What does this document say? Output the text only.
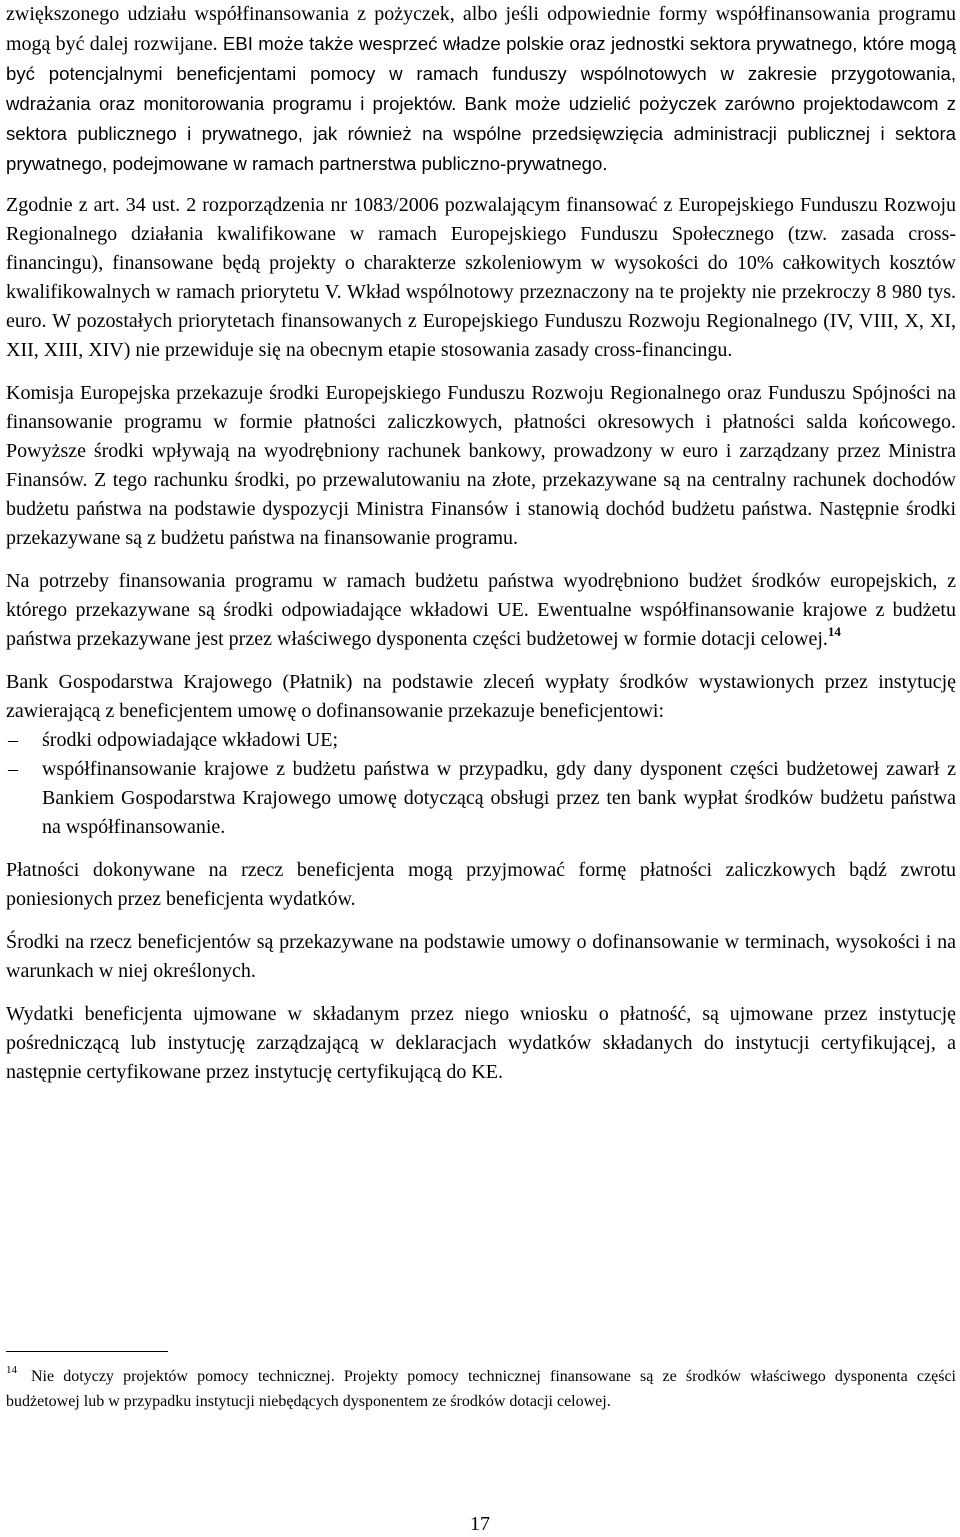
zwiększonego udziału współfinansowania z pożyczek, albo jeśli odpowiednie formy współfinansowania programu mogą być dalej rozwijane. EBI może także wesprzeć władze polskie oraz jednostki sektora prywatnego, które mogą być potencjalnymi beneficjentami pomocy w ramach funduszy wspólnotowych w zakresie przygotowania, wdrażania oraz monitorowania programu i projektów. Bank może udzielić pożyczek zarówno projektodawcom z sektora publicznego i prywatnego, jak również na wspólne przedsięwzięcia administracji publicznej i sektora prywatnego, podejmowane w ramach partnerstwa publiczno-prywatnego.

Zgodnie z art. 34 ust. 2 rozporządzenia nr 1083/2006 pozwalającym finansować z Europejskiego Funduszu Rozwoju Regionalnego działania kwalifikowane w ramach Europejskiego Funduszu Społecznego (tzw. zasada cross-financingu), finansowane będą projekty o charakterze szkoleniowym w wysokości do 10% całkowitych kosztów kwalifikowalnych w ramach priorytetu V. Wkład wspólnotowy przeznaczony na te projekty nie przekroczy 8 980 tys. euro. W pozostałych priorytetach finansowanych z Europejskiego Funduszu Rozwoju Regionalnego (IV, VIII, X, XI, XII, XIII, XIV) nie przewiduje się na obecnym etapie stosowania zasady cross-financingu.

Komisja Europejska przekazuje środki Europejskiego Funduszu Rozwoju Regionalnego oraz Funduszu Spójności na finansowanie programu w formie płatności zaliczkowych, płatności okresowych i płatności salda końcowego. Powyższe środki wpływają na wyodrębniony rachunek bankowy, prowadzony w euro i zarządzany przez Ministra Finansów. Z tego rachunku środki, po przewalutowaniu na złote, przekazywane są na centralny rachunek dochodów budżetu państwa na podstawie dyspozycji Ministra Finansów i stanowią dochód budżetu państwa. Następnie środki przekazywane są z budżetu państwa na finansowanie programu.

Na potrzeby finansowania programu w ramach budżetu państwa wyodrębniono budżet środków europejskich, z którego przekazywane są środki odpowiadające wkładowi UE. Ewentualne współfinansowanie krajowe z budżetu państwa przekazywane jest przez właściwego dysponenta części budżetowej w formie dotacji celowej.$^{14}$

Bank Gospodarstwa Krajowego (Płatnik) na podstawie zleceń wypłaty środków wystawionych przez instytucję zawierającą z beneficjentem umowę o dofinansowanie przekazuje beneficjentowi:

– środki odpowiadające wkładowi UE;
– współfinansowanie krajowe z budżetu państwa w przypadku, gdy dany dysponent części budżetowej zawarł z Bankiem Gospodarstwa Krajowego umowę dotyczącą obsługi przez ten bank wypłat środków budżetu państwa na współfinansowanie.

Płatności dokonywane na rzecz beneficjenta mogą przyjmować formę płatności zaliczkowych bądź zwrotu poniesionych przez beneficjenta wydatków.

Środki na rzecz beneficjentów są przekazywane na podstawie umowy o dofinansowanie w terminach, wysokości i na warunkach w niej określonych.

Wydatki beneficjenta ujmowane w składanym przez niego wniosku o płatność, są ujmowane przez instytucję pośredniczącą lub instytucję zarządzającą w deklaracjach wydatków składanych do instytucji certyfikującej, a następnie certyfikowane przez instytucję certyfikującą do KE.

$^{14}$ Nie dotyczy projektów pomocy technicznej. Projekty pomocy technicznej finansowane są ze środków właściwego dysponenta części budżetowej lub w przypadku instytucji niebędących dysponentem ze środków dotacji celowej.

17
